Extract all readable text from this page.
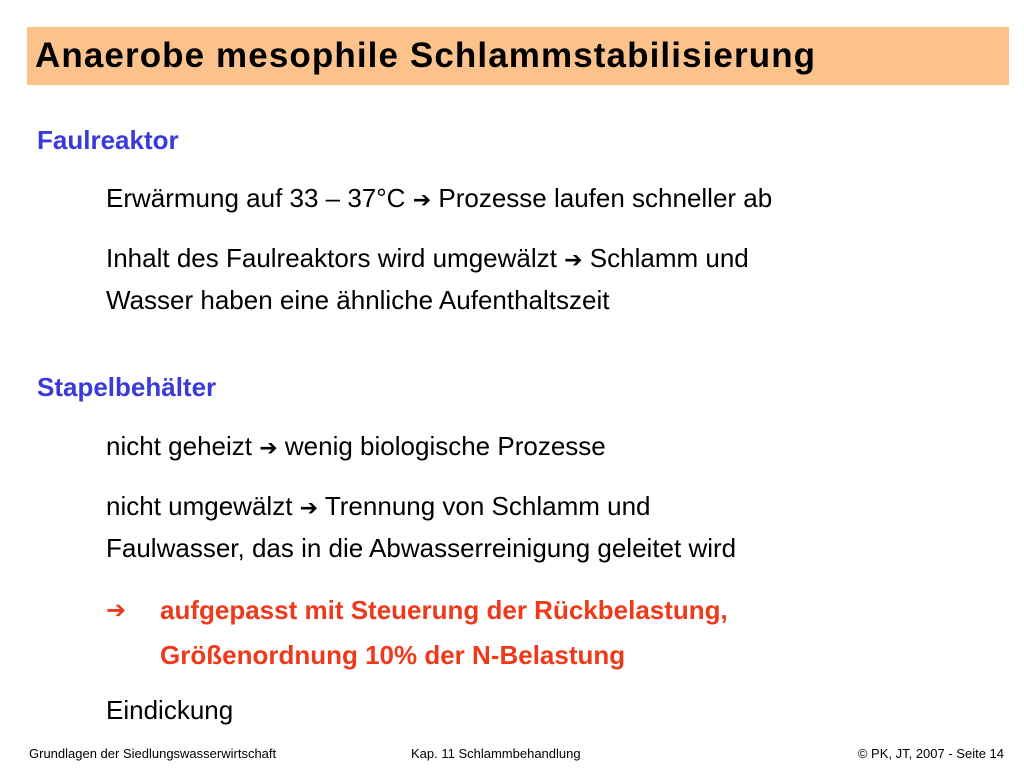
Anaerobe mesophile Schlammstabilisierung

Faulreaktor

Erwärmung auf 33 – 37°C ➔ Prozesse laufen schneller ab

Inhalt des Faulreaktors wird umgewälzt ➔ Schlamm und

Wasser haben eine ähnliche Aufenthaltszeit

Stapelbehälter

nicht geheizt ➔ wenig biologische Prozesse

nicht umgewälzt ➔ Trennung von Schlamm und

Faulwasser, das in die Abwasserreinigung geleitet wird

➔ aufgepasst mit Steuerung der Rückbelastung,
Größenordnung 10% der N-Belastung

Eindickung

Grundlagen der Siedlungswasserwirtschaft	Kap. 11 Schlammbehandlung	© PK, JT, 2007 - Seite 14
